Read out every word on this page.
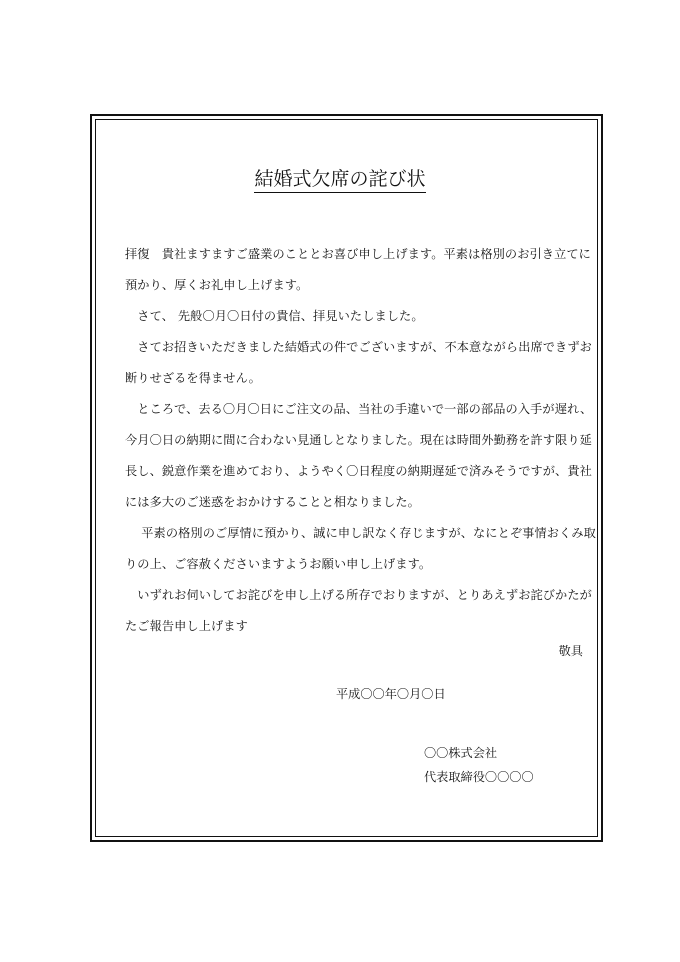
結婚式欠席の詫び状

拝復　貴社ますますご盛業のこととお喜び申し上げます。平素は格別のお引き立てに
預かり、厚くお礼申し上げます。

　さて、 先般〇月〇日付の貴信、拝見いたしました。

　さてお招きいただきました結婚式の件でございますが、不本意ながら出席できずお
断りせざるを得ません。

　ところで、去る〇月〇日にご注文の品、当社の手違いで一部の部品の入手が遅れ、
今月〇日の納期に間に合わない見通しとなりました。現在は時間外勤務を許す限り延
長し、鋭意作業を進めており、ようやく〇日程度の納期遅延で済みそうですが、貴社
には多大のご迷惑をおかけすることと相なりました。

　 平素の格別のご厚情に預かり、誠に申し訳なく存じますが、なにとぞ事情おくみ取
りの上、ご容赦くださいますようお願い申し上げます。

　いずれお伺いしてお詫びを申し上げる所存でおりますが、とりあえずお詫びかたが
たご報告申し上げます

敬具
平成〇〇年〇月〇日
〇〇株式会社
代表取締役〇〇〇〇
